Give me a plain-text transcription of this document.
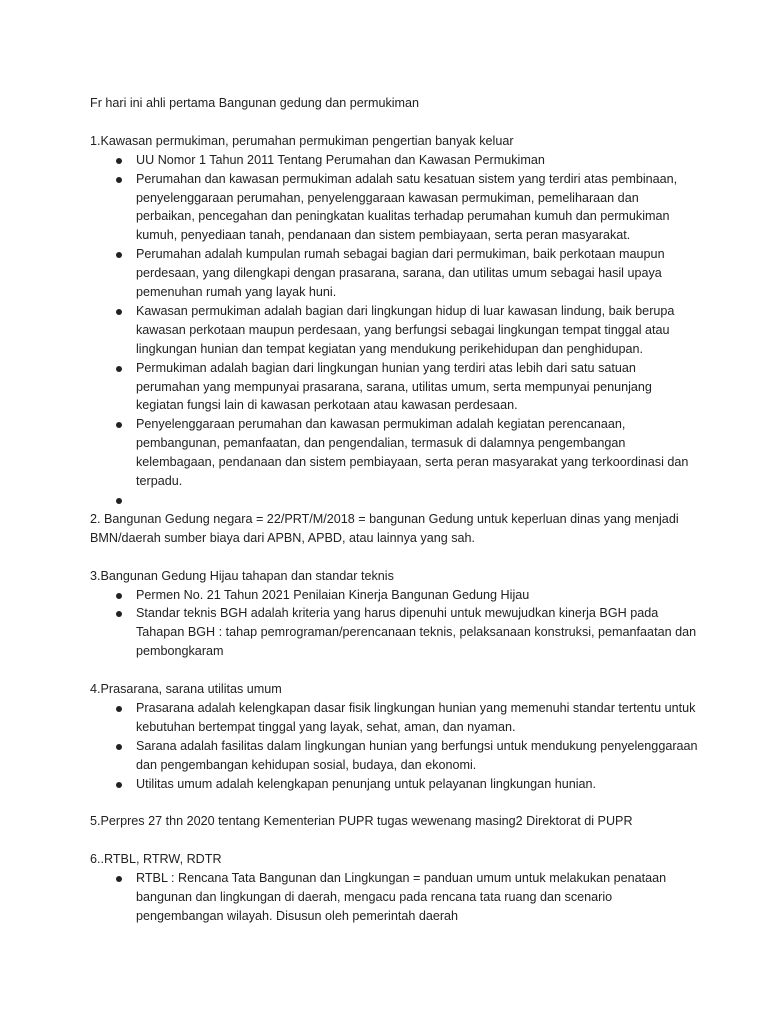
Fr hari ini ahli pertama Bangunan gedung dan permukiman

1.Kawasan permukiman, perumahan permukiman pengertian banyak keluar

UU Nomor 1 Tahun 2011 Tentang Perumahan dan Kawasan Permukiman
Perumahan dan kawasan permukiman adalah satu kesatuan sistem yang terdiri atas pembinaan, penyelenggaraan perumahan, penyelenggaraan kawasan permukiman, pemeliharaan dan perbaikan, pencegahan dan peningkatan kualitas terhadap perumahan kumuh dan permukiman kumuh, penyediaan tanah, pendanaan dan sistem pembiayaan, serta peran masyarakat.
Perumahan adalah kumpulan rumah sebagai bagian dari permukiman, baik perkotaan maupun perdesaan, yang dilengkapi dengan prasarana, sarana, dan utilitas umum sebagai hasil upaya pemenuhan rumah yang layak huni.
Kawasan permukiman adalah bagian dari lingkungan hidup di luar kawasan lindung, baik berupa kawasan perkotaan maupun perdesaan, yang berfungsi sebagai lingkungan tempat tinggal atau lingkungan hunian dan tempat kegiatan yang mendukung perikehidupan dan penghidupan.
Permukiman adalah bagian dari lingkungan hunian yang terdiri atas lebih dari satu satuan perumahan yang mempunyai prasarana, sarana, utilitas umum, serta mempunyai penunjang kegiatan fungsi lain di kawasan perkotaan atau kawasan perdesaan.
Penyelenggaraan perumahan dan kawasan permukiman adalah kegiatan perencanaan, pembangunan, pemanfaatan, dan pengendalian, termasuk di dalamnya pengembangan kelembagaan, pendanaan dan sistem pembiayaan, serta peran masyarakat yang terkoordinasi dan terpadu.

2. Bangunan Gedung negara = 22/PRT/M/2018 = bangunan Gedung untuk keperluan dinas yang menjadi BMN/daerah sumber biaya dari APBN, APBD, atau lainnya yang sah.

3.Bangunan Gedung Hijau tahapan dan standar teknis

Permen No. 21 Tahun 2021 Penilaian Kinerja Bangunan Gedung Hijau
Standar teknis BGH adalah kriteria yang harus dipenuhi untuk mewujudkan kinerja BGH pada Tahapan BGH : tahap pemrograman/perencanaan teknis, pelaksanaan konstruksi, pemanfaatan dan pembongkaram

4.Prasarana, sarana utilitas umum

Prasarana adalah kelengkapan dasar fisik lingkungan hunian yang memenuhi standar tertentu untuk kebutuhan bertempat tinggal yang layak, sehat, aman, dan nyaman.
Sarana adalah fasilitas dalam lingkungan hunian yang berfungsi untuk mendukung penyelenggaraan dan pengembangan kehidupan sosial, budaya, dan ekonomi.
Utilitas umum adalah kelengkapan penunjang untuk pelayanan lingkungan hunian.

5.Perpres 27 thn 2020 tentang Kementerian PUPR tugas wewenang masing2 Direktorat di PUPR

6..RTBL, RTRW, RDTR

RTBL : Rencana Tata Bangunan dan Lingkungan = panduan umum untuk melakukan penataan bangunan dan lingkungan di daerah, mengacu pada rencana tata ruang dan scenario pengembangan wilayah. Disusun oleh pemerintah daerah
